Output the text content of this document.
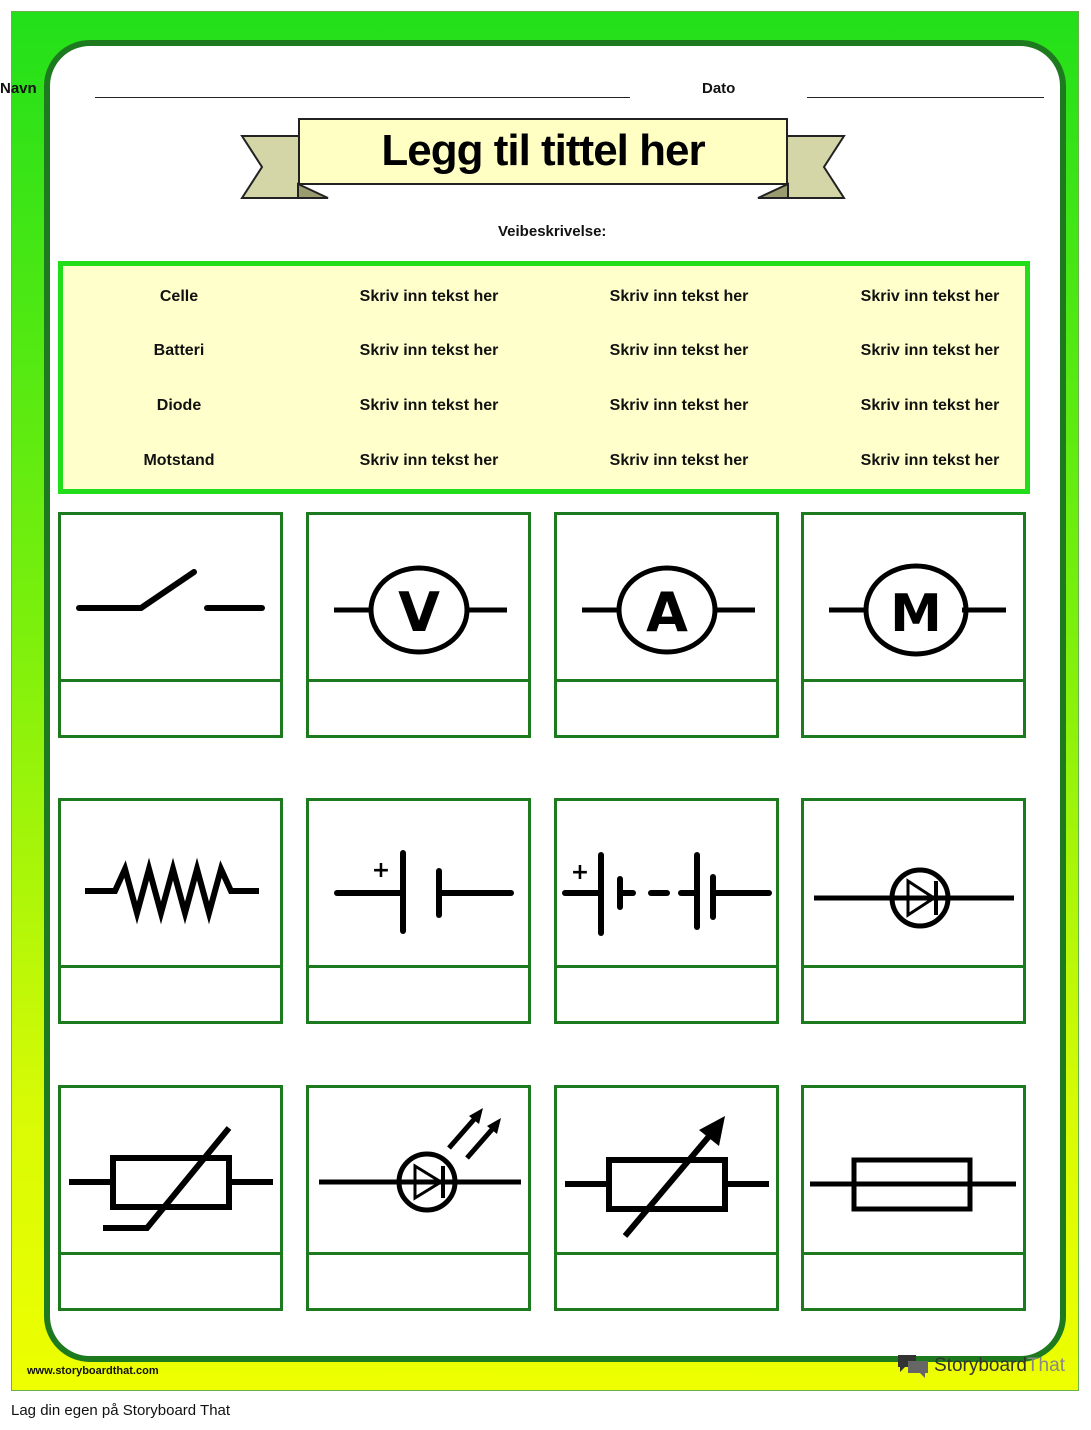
Navn	Dato
Legg til tittel her
Veibeskrivelse:
Celle	Skriv inn tekst her	Skriv inn tekst her	Skriv inn tekst her
Batteri	Skriv inn tekst her	Skriv inn tekst her	Skriv inn tekst her
Diode	Skriv inn tekst her	Skriv inn tekst her	Skriv inn tekst her
Motstand	Skriv inn tekst her	Skriv inn tekst her	Skriv inn tekst her
V	A	M
+	+
www.storyboardthat.com	StoryboardThat
Lag din egen på Storyboard That
